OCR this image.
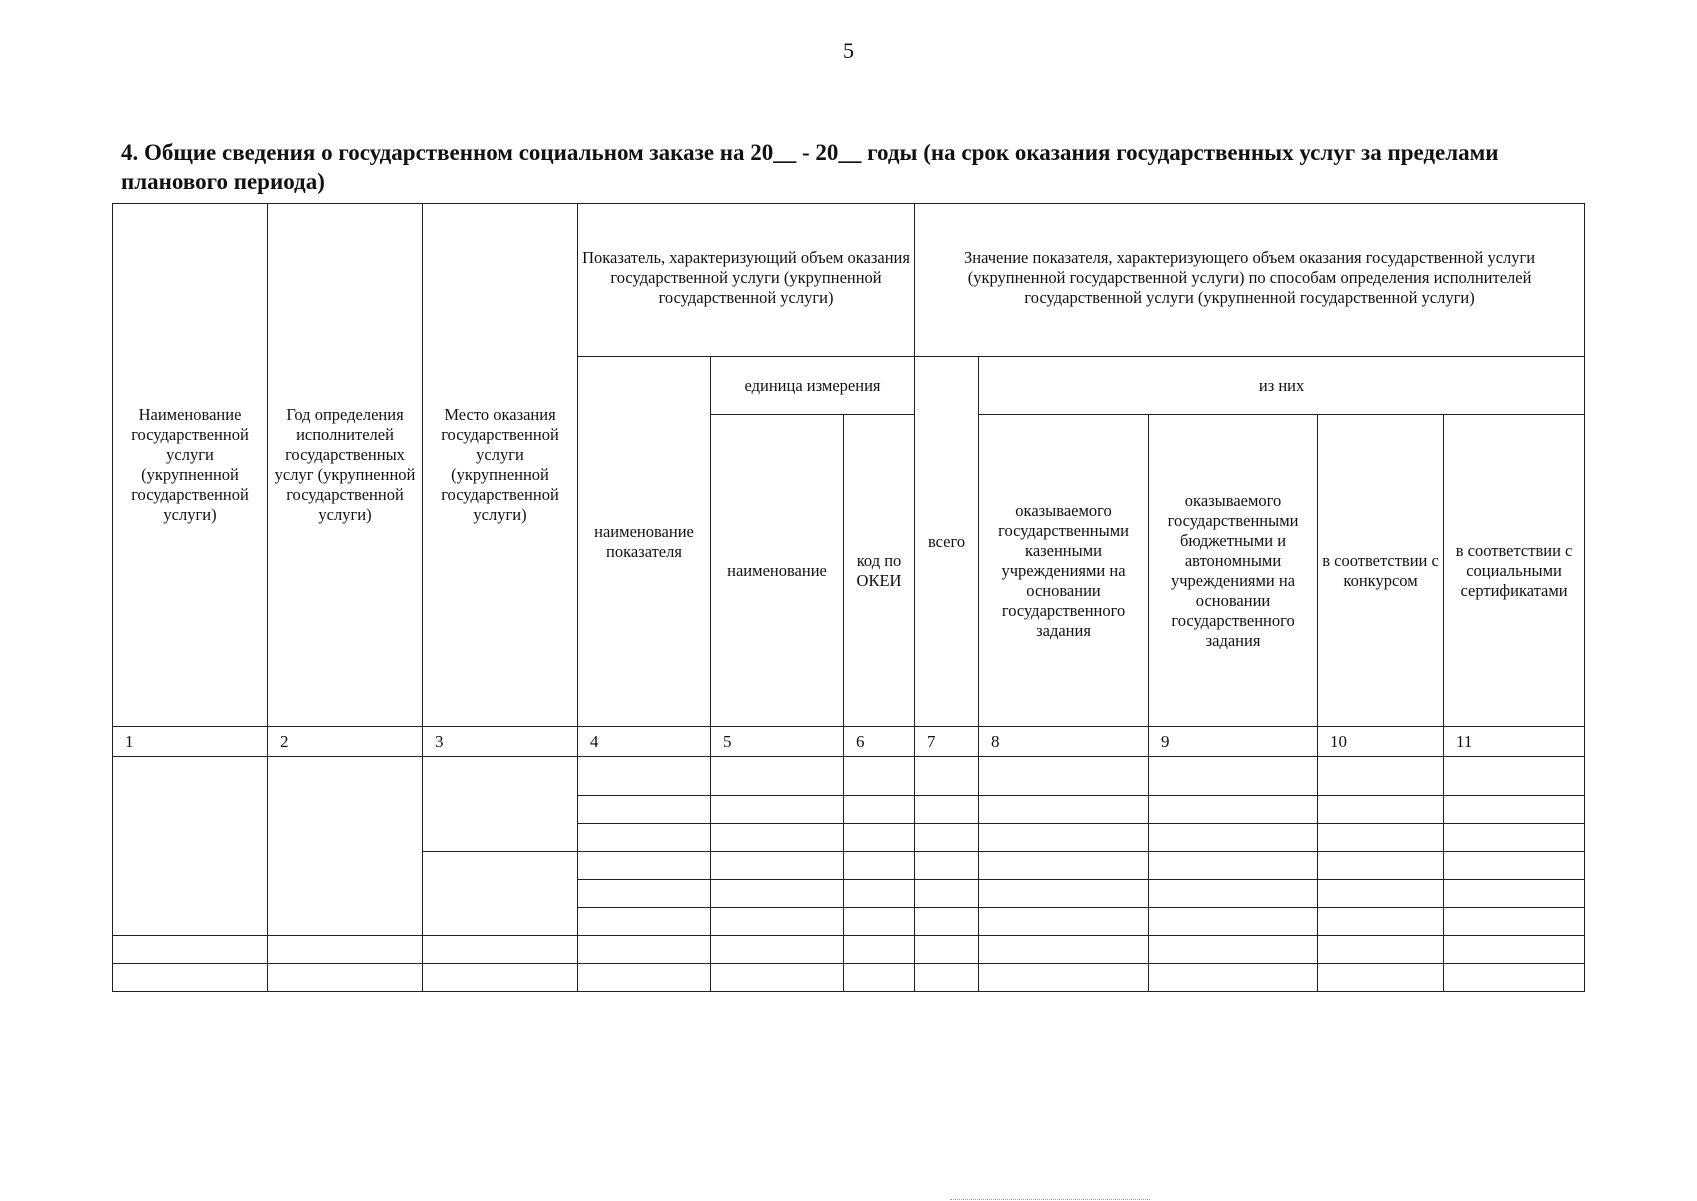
5
4. Общие сведения о государственном социальном заказе на 20__ - 20__ годы (на срок оказания государственных услуг за пределами планового периода)
Наименование государственной услуги (укрупненной государственной услуги)	Год определения исполнителей государственных услуг (укрупненной государственной услуги)	Место оказания государственной услуги (укрупненной государственной услуги)	Показатель, характеризующий объем оказания государственной услуги (укрупненной государственной услуги)			Значение показателя, характеризующего объем оказания государственной услуги (укрупненной государственной услуги) по способам определения исполнителей государственной услуги (укрупненной государственной услуги)				
			наименование показателя	единица измерения		всего	из них			
				наименование	код по ОКЕИ		оказываемого государственными казенными учреждениями на основании государственного задания	оказываемого государственными бюджетными и автономными учреждениями на основании государственного задания	в соответствии с конкурсом	в соответствии с социальными сертификатами
1	2	3	4	5	6	7	8	9	10	11
